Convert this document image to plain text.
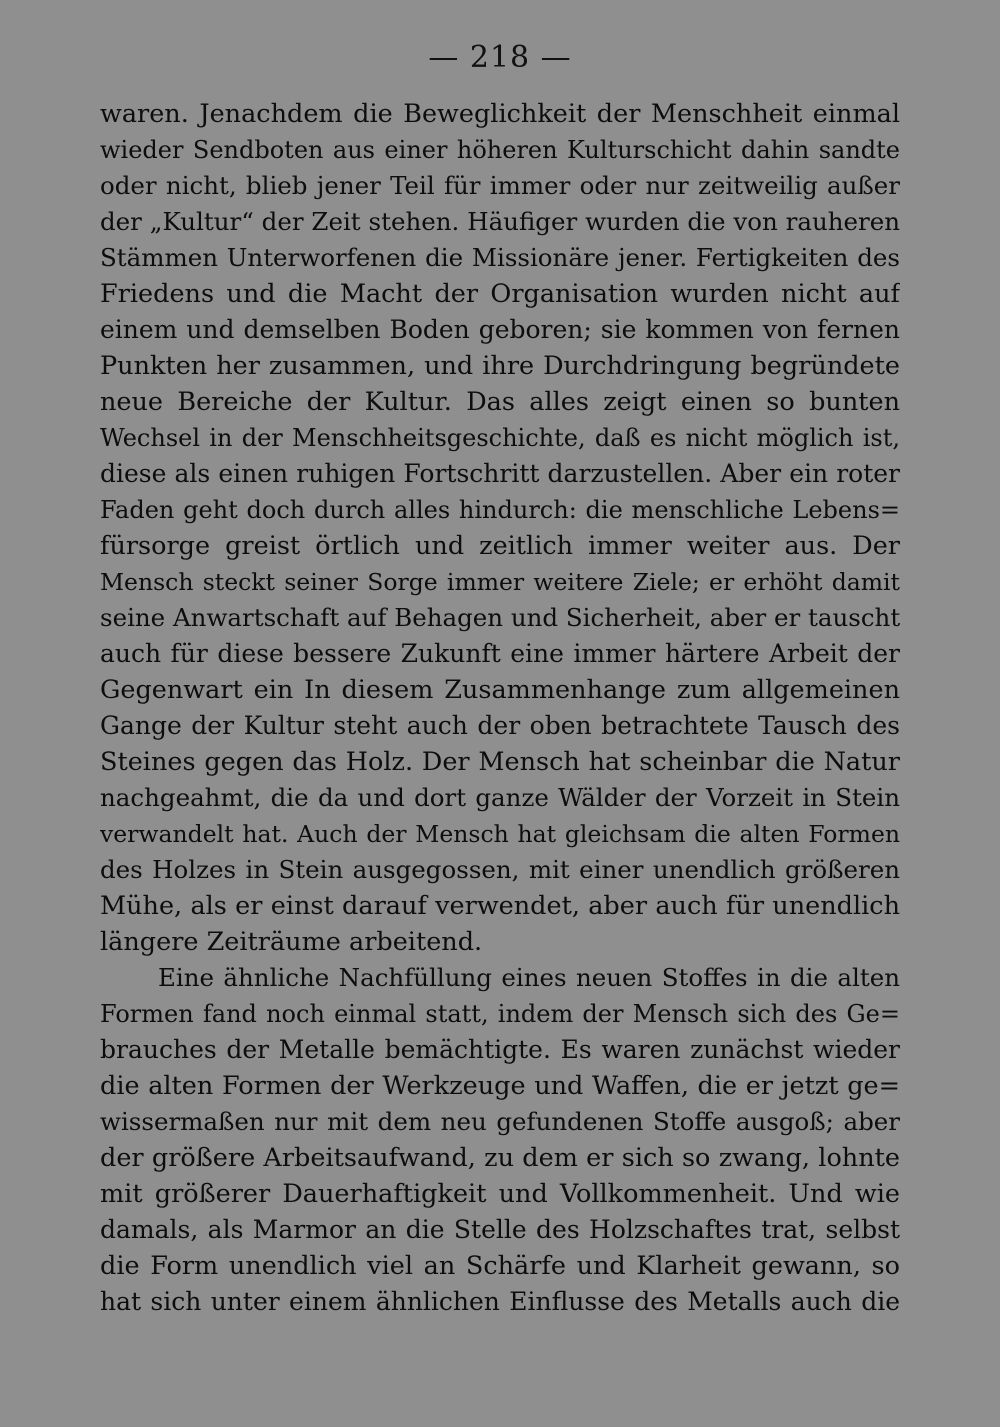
— 218 —
waren. Jenachdem die Beweglichkeit der Menschheit einmal
wieder Sendboten aus einer höheren Kulturschicht dahin sandte
oder nicht, blieb jener Teil für immer oder nur zeitweilig außer
der „Kultur“ der Zeit stehen. Häufiger wurden die von rauheren
Stämmen Unterworfenen die Missionäre jener. Fertigkeiten des
Friedens und die Macht der Organisation wurden nicht auf
einem und demselben Boden geboren; sie kommen von fernen
Punkten her zusammen, und ihre Durchdringung begründete
neue Bereiche der Kultur. Das alles zeigt einen so bunten
Wechsel in der Menschheitsgeschichte, daß es nicht möglich ist,
diese als einen ruhigen Fortschritt darzustellen. Aber ein roter
Faden geht doch durch alles hindurch: die menschliche Lebens=
fürsorge greist örtlich und zeitlich immer weiter aus. Der
Mensch steckt seiner Sorge immer weitere Ziele; er erhöht damit
seine Anwartschaft auf Behagen und Sicherheit, aber er tauscht
auch für diese bessere Zukunft eine immer härtere Arbeit der
Gegenwart ein In diesem Zusammenhange zum allgemeinen
Gange der Kultur steht auch der oben betrachtete Tausch des
Steines gegen das Holz. Der Mensch hat scheinbar die Natur
nachgeahmt, die da und dort ganze Wälder der Vorzeit in Stein
verwandelt hat. Auch der Mensch hat gleichsam die alten Formen
des Holzes in Stein ausgegossen, mit einer unendlich größeren
Mühe, als er einst darauf verwendet, aber auch für unendlich
längere Zeiträume arbeitend.
Eine ähnliche Nachfüllung eines neuen Stoffes in die alten
Formen fand noch einmal statt, indem der Mensch sich des Ge=
brauches der Metalle bemächtigte. Es waren zunächst wieder
die alten Formen der Werkzeuge und Waffen, die er jetzt ge=
wissermaßen nur mit dem neu gefundenen Stoffe ausgoß; aber
der größere Arbeitsaufwand, zu dem er sich so zwang, lohnte
mit größerer Dauerhaftigkeit und Vollkommenheit. Und wie
damals, als Marmor an die Stelle des Holzschaftes trat, selbst
die Form unendlich viel an Schärfe und Klarheit gewann, so
hat sich unter einem ähnlichen Einflusse des Metalls auch die
